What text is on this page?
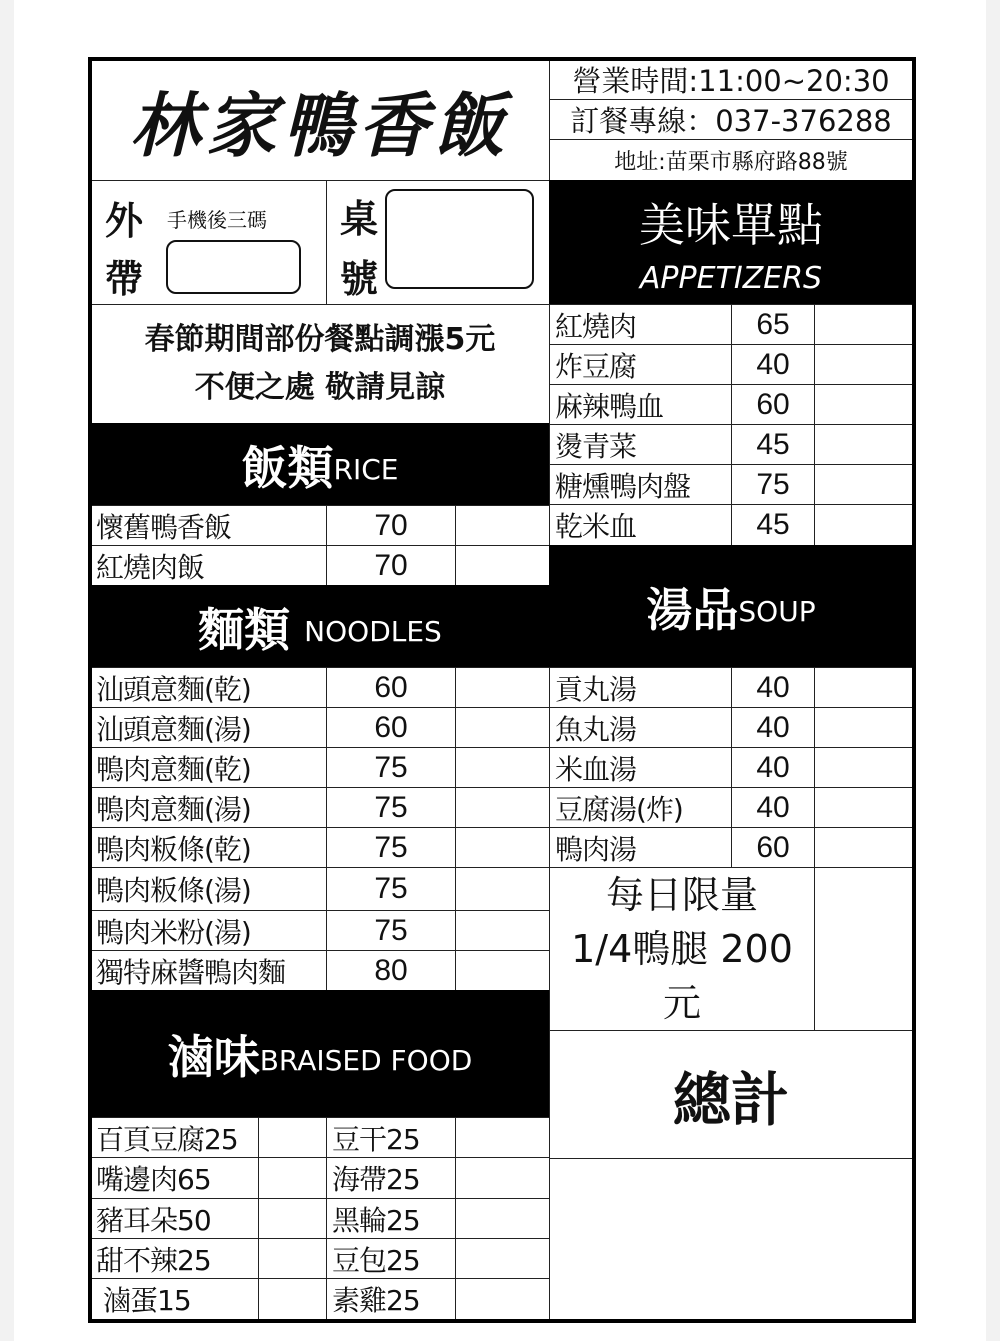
林家鴨香飯
外
帶
手機後三碼 桌
號
春節期間部份餐點調漲5元
不便之處 敬請見諒
飯類 RICE
懷舊鴨香飯	70
紅燒肉飯	70
麵類 NOODLES
汕頭意麵(乾)	60
汕頭意麵(湯)	60
鴨肉意麵(乾)	75
鴨肉意麵(湯)	75
鴨肉粄條(乾)	75
鴨肉粄條(湯)	75
鴨肉米粉(湯)	75
獨特麻醬鴨肉麵	80
滷味 BRAISED FOOD
百頁豆腐25	豆干25
嘴邊肉65	海帶25
豬耳朵50	黑輪25
甜不辣25	豆包25
滷蛋15	素雞25
營業時間:11:00~20:30
訂餐專線：037-376288
地址:苗栗市縣府路88號
美味單點
APPETIZERS
紅燒肉	65
炸豆腐	40
麻辣鴨血	60
燙青菜	45
糖燻鴨肉盤	75
乾米血	45
湯品 SOUP
貢丸湯	40
魚丸湯	40
米血湯	40
豆腐湯(炸)	40
鴨肉湯	60
每日限量
1/4鴨腿 200
元
總計
